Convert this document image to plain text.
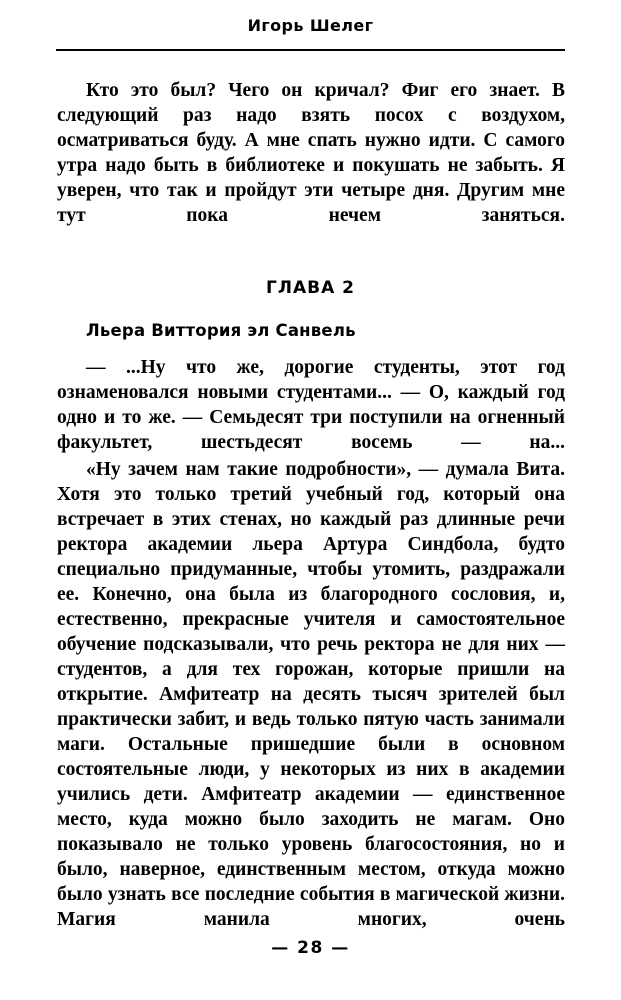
Игорь Шелег

Кто это был? Чего он кричал? Фиг его знает. В следующий раз надо взять посох с воздухом, осматриваться буду. А мне спать нужно идти. С самого утра надо быть в библиотеке и покушать не забыть. Я уверен, что так и пройдут эти четыре дня. Другим мне тут пока нечем заняться.

ГЛАВА 2
Льера Виттория эл Санвель

— ...Ну что же, дорогие студенты, этот год ознаменовался новыми студентами... — О, каждый год одно и то же. — Семьдесят три поступили на огненный факультет, шестьдесят восемь — на...

«Ну зачем нам такие подробности», — думала Вита. Хотя это только третий учебный год, который она встречает в этих стенах, но каждый раз длинные речи ректора академии льера Артура Синдбола, будто специально придуманные, чтобы утомить, раздражали ее. Конечно, она была из благородного сословия, и, естественно, прекрасные учителя и самостоятельное обучение подсказывали, что речь ректора не для них — студентов, а для тех горожан, которые пришли на открытие. Амфитеатр на десять тысяч зрителей был практически забит, и ведь только пятую часть занимали маги. Остальные пришедшие были в основном состоятельные люди, у некоторых из них в академии учились дети. Амфитеатр академии — единственное место, куда можно было заходить не магам. Оно показывало не только уровень благосостояния, но и было, наверное, единственным местом, откуда можно было узнать все последние события в магической жизни. Магия манила многих, очень

— 28 —
